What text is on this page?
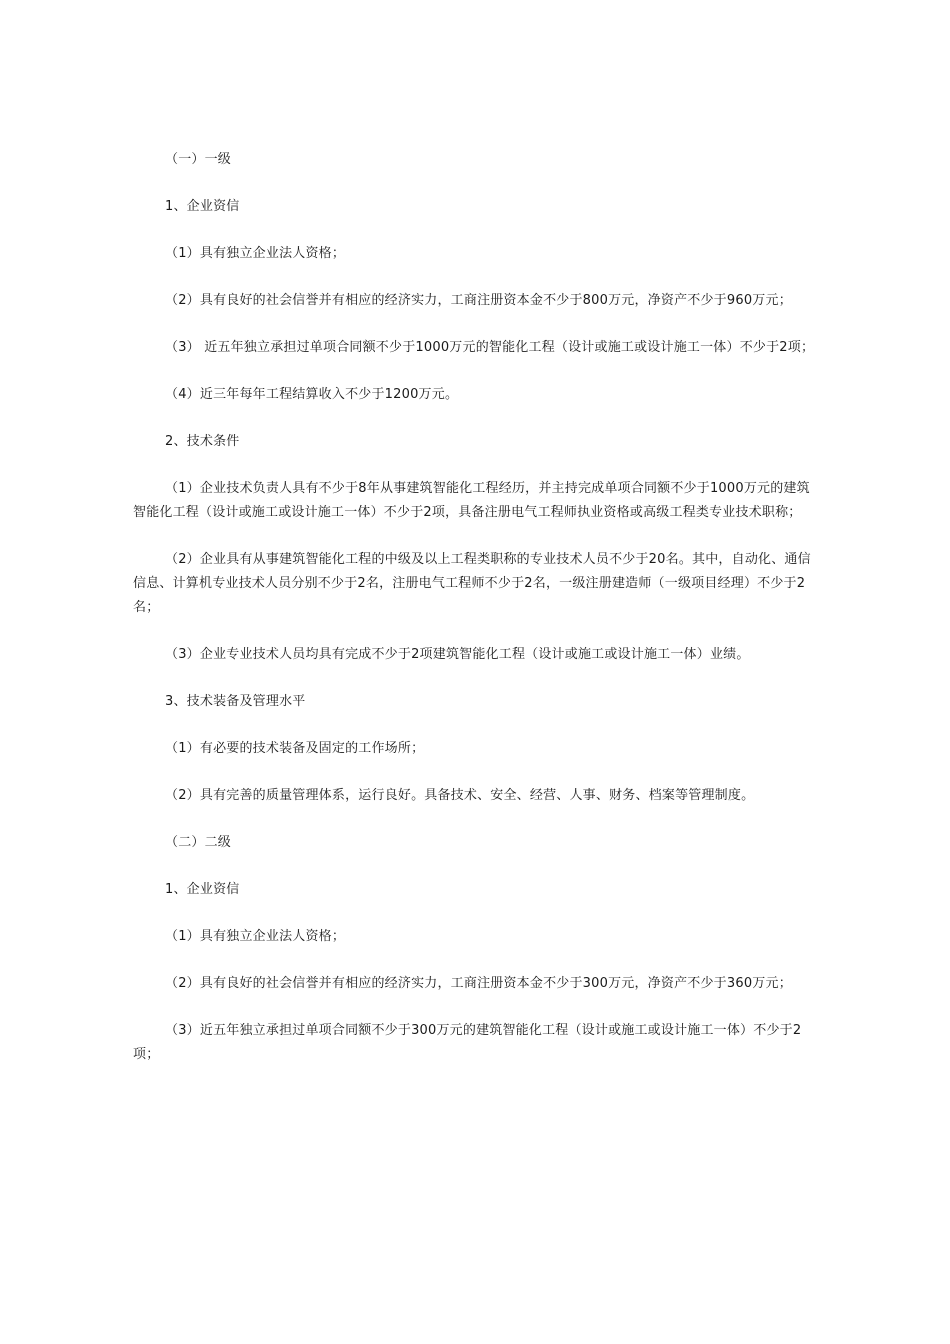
（一）一级

1、企业资信

（1）具有独立企业法人资格；

（2）具有良好的社会信誉并有相应的经济实力，工商注册资本金不少于800万元，净资产不少于960万元；

（3） 近五年独立承担过单项合同额不少于1000万元的智能化工程（设计或施工或设计施工一体）不少于2项；

（4）近三年每年工程结算收入不少于1200万元。

2、技术条件

（1）企业技术负责人具有不少于8年从事建筑智能化工程经历，并主持完成单项合同额不少于1000万元的建筑智能化工程（设计或施工或设计施工一体）不少于2项，具备注册电气工程师执业资格或高级工程类专业技术职称；

（2）企业具有从事建筑智能化工程的中级及以上工程类职称的专业技术人员不少于20名。其中，自动化、通信信息、计算机专业技术人员分别不少于2名，注册电气工程师不少于2名，一级注册建造师（一级项目经理）不少于2名；

（3）企业专业技术人员均具有完成不少于2项建筑智能化工程（设计或施工或设计施工一体）业绩。

3、技术装备及管理水平

（1）有必要的技术装备及固定的工作场所；

（2）具有完善的质量管理体系，运行良好。具备技术、安全、经营、人事、财务、档案等管理制度。

（二）二级

1、企业资信

（1）具有独立企业法人资格；

（2）具有良好的社会信誉并有相应的经济实力，工商注册资本金不少于300万元，净资产不少于360万元；

（3）近五年独立承担过单项合同额不少于300万元的建筑智能化工程（设计或施工或设计施工一体）不少于2项；
